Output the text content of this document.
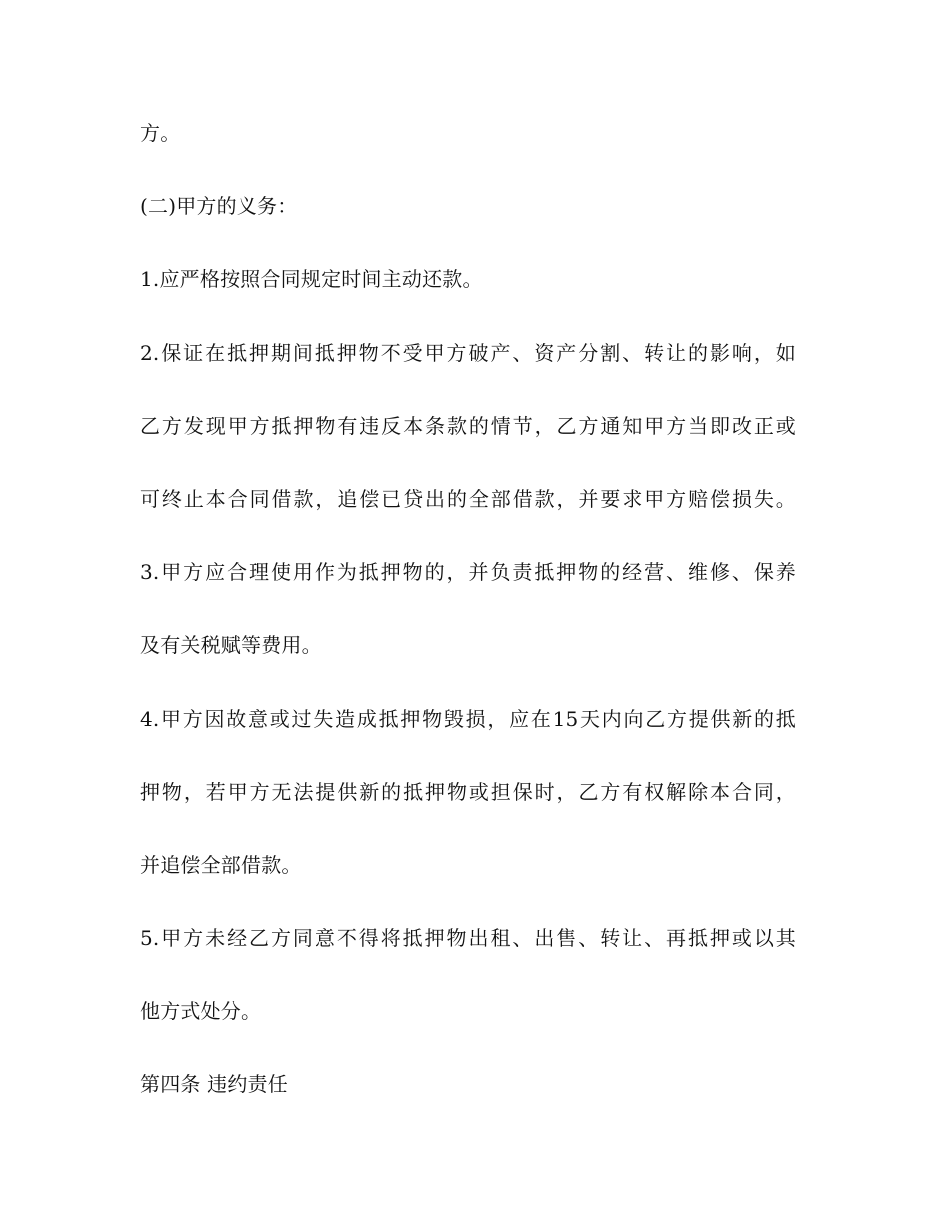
方。
(二)甲方的义务：
1.应严格按照合同规定时间主动还款。
2.保证在抵押期间抵押物不受甲方破产、资产分割、转让的影响，如
乙方发现甲方抵押物有违反本条款的情节，乙方通知甲方当即改正或
可终止本合同借款，追偿已贷出的全部借款，并要求甲方赔偿损失。
3.甲方应合理使用作为抵押物的，并负责抵押物的经营、维修、保养
及有关税赋等费用。
4.甲方因故意或过失造成抵押物毁损，应在15天内向乙方提供新的抵
押物，若甲方无法提供新的抵押物或担保时，乙方有权解除本合同，
并追偿全部借款。
5.甲方未经乙方同意不得将抵押物出租、出售、转让、再抵押或以其
他方式处分。
第四条 违约责任
